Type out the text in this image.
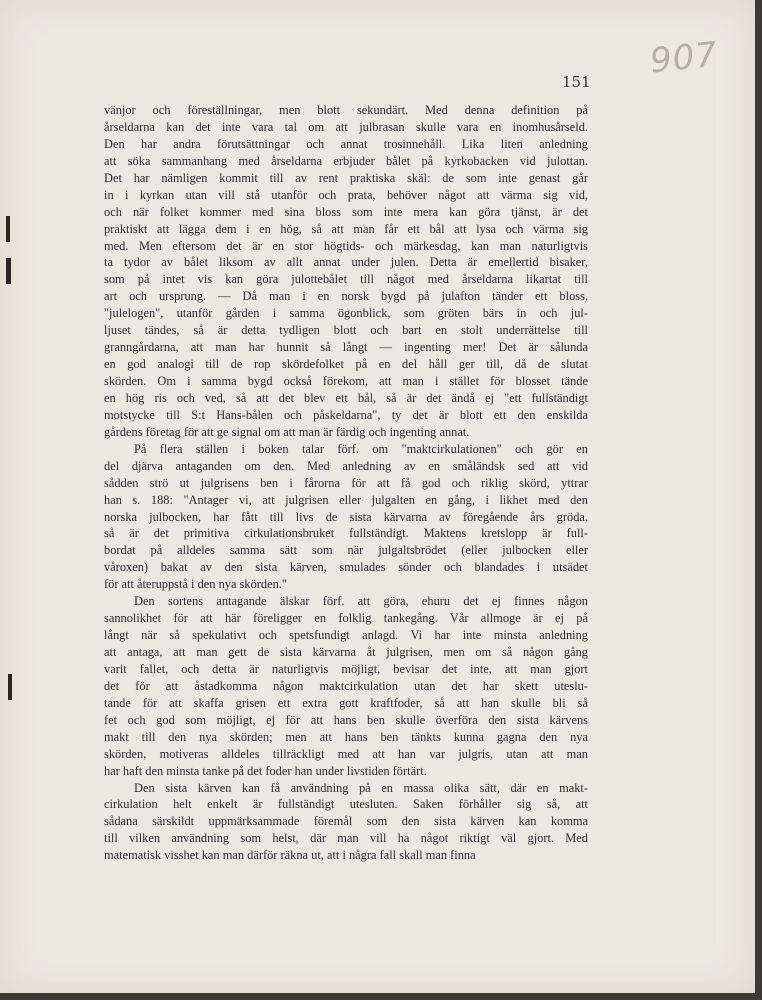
907
151
vänjor och föreställningar, men blott sekundärt. Med denna definition på
årseldarna kan det inte vara tal om att julbrasan skulle vara en inomhusårseld.
Den har andra förutsättningar och annat trosinnehåll. Lika liten anledning
att söka sammanhang med årseldarna erbjuder bålet på kyrkobacken vid julottan.
Det har nämligen kommit till av rent praktiska skäl: de som inte genast går
in i kyrkan utan vill stå utanför och prata, behöver något att värma sig vid,
och när folket kommer med sina bloss som inte mera kan göra tjänst, är det
praktiskt att lägga dem i en hög, så att man får ett bål att lysa och värma sig
med. Men eftersom det är en stor högtids- och märkesdag, kan man naturligtvis
ta tydor av bålet liksom av allt annat under julen. Detta är emellertid bisaker,
som på intet vis kan göra julottebålet till något med årseldarna likartat till
art och ursprung. — Då man i en norsk bygd på julafton tänder ett bloss,
"julelogen", utanför gården i samma ögonblick, som gröten bärs in och jul-
ljuset tändes, så är detta tydligen blott och bart en stolt underrättelse till
granngårdarna, att man har hunnit så långt — ingenting mer! Det är sålunda
en god analogi till de rop skördefolket på en del håll ger till, då de slutat
skörden. Om i samma bygd också förekom, att man i stället för blosset tände
en hög ris och ved, så att det blev ett bål, så är det ändå ej "ett fullständigt
motstycke till S:t Hans-bålen och påskeldarna", ty det är blott ett den enskilda
gårdens företag för att ge signal om att man är färdig och ingenting annat.
På flera ställen i boken talar förf. om "maktcirkulationen" och gör en
del djärva antaganden om den. Med anledning av en småländsk sed att vid
sådden strö ut julgrisens ben i fårorna för att få god och riklig skörd, yttrar
han s. 188: "Antager vi, att julgrisen eller julgalten en gång, i likhet med den
norska julbocken, har fått till livs de sista kärvarna av föregående års gröda,
så är det primitiva cirkulationsbruket fullständigt. Maktens kretslopp är full-
bordat på alldeles samma sätt som när julgaltsbrödet (eller julbocken eller
våroxen) bakat av den sista kärven, smulades sönder och blandades i utsädet
för att återuppstå i den nya skörden."
Den sortens antagande älskar förf. att göra, ehuru det ej finnes någon
sannolikhet för att här föreligger en folklig tankegång. Vår allmoge är ej på
långt när så spekulativt och spetsfundigt anlagd. Vi har inte minsta anledning
att antaga, att man gett de sista kärvarna åt julgrisen, men om så någon gång
varit fallet, och detta är naturligtvis möjligt, bevisar det inte, att man gjort
det för att åstadkomma någon maktcirkulation utan det har skett uteslu-
tande för att skaffa grisen ett extra gott kraftfoder, så att han skulle bli så
fet och god som möjligt, ej för att hans ben skulle överföra den sista kärvens
makt till den nya skörden; men att hans ben tänkts kunna gagna den nya
skörden, motiveras alldeles tillräckligt med att han var julgris, utan att man
har haft den minsta tanke på det foder han under livstiden förtärt.
Den sista kärven kan få användning på en massa olika sätt, där en makt-
cirkulation helt enkelt är fullständigt utesluten. Saken förhåller sig så, att
sådana särskildt uppmärksammade föremål som den sista kärven kan komma
till vilken användning som helst, där man vill ha något riktigt väl gjort. Med
matematisk visshet kan man därför räkna ut, att i några fall skall man finna
